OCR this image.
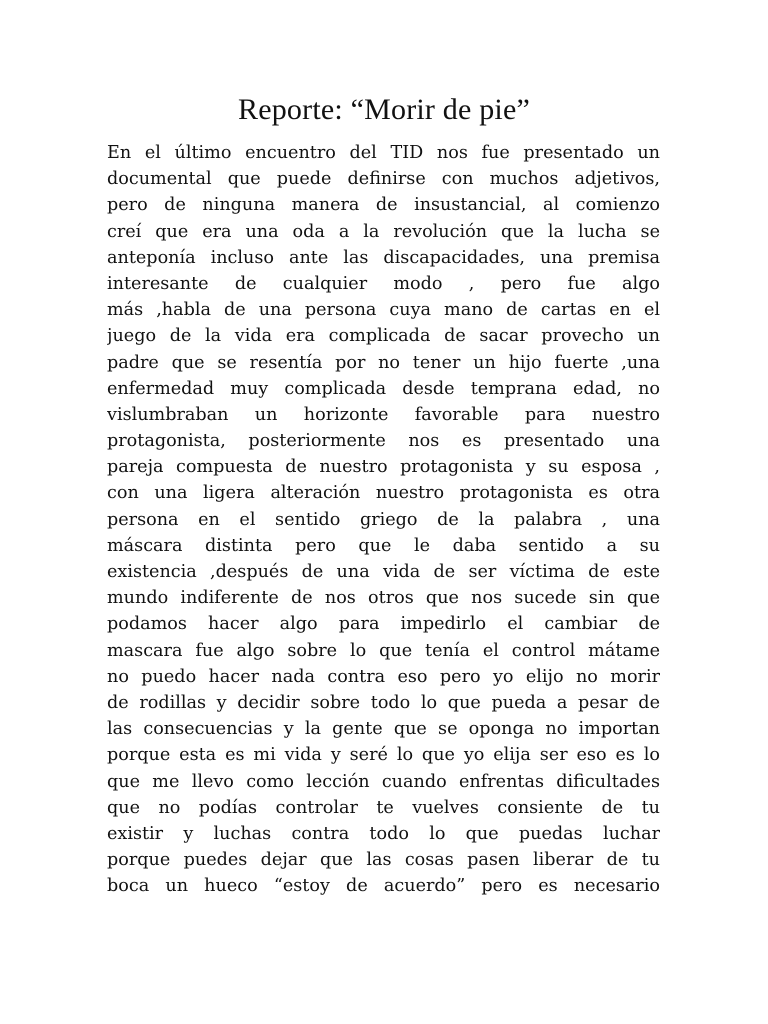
Reporte: “Morir de pie”
En el último encuentro del TID nos fue presentado un
documental que puede definirse con muchos adjetivos,
pero de ninguna manera de insustancial, al comienzo
creí que era una oda a la revolución que la lucha se
anteponía incluso ante las discapacidades, una premisa
interesante de cualquier modo , pero fue algo
más ,habla de una persona cuya mano de cartas en el
juego de la vida era complicada de sacar provecho un
padre que se resentía por no tener un hijo fuerte ,una
enfermedad muy complicada desde temprana edad, no
vislumbraban un horizonte favorable para nuestro
protagonista, posteriormente nos es presentado una
pareja compuesta de nuestro protagonista y su esposa ,
con una ligera alteración nuestro protagonista es otra
persona en el sentido griego de la palabra , una
máscara distinta pero que le daba sentido a su
existencia ,después de una vida de ser víctima de este
mundo indiferente de nos otros que nos sucede sin que
podamos hacer algo para impedirlo el cambiar de
mascara fue algo sobre lo que tenía el control mátame
no puedo hacer nada contra eso pero yo elijo no morir
de rodillas y decidir sobre todo lo que pueda a pesar de
las consecuencias y la gente que se oponga no importan
porque esta es mi vida y seré lo que yo elija ser eso es lo
que me llevo como lección cuando enfrentas dificultades
que no podías controlar te vuelves consiente de tu
existir y luchas contra todo lo que puedas luchar
porque puedes dejar que las cosas pasen liberar de tu
boca un hueco “estoy de acuerdo” pero es necesario
